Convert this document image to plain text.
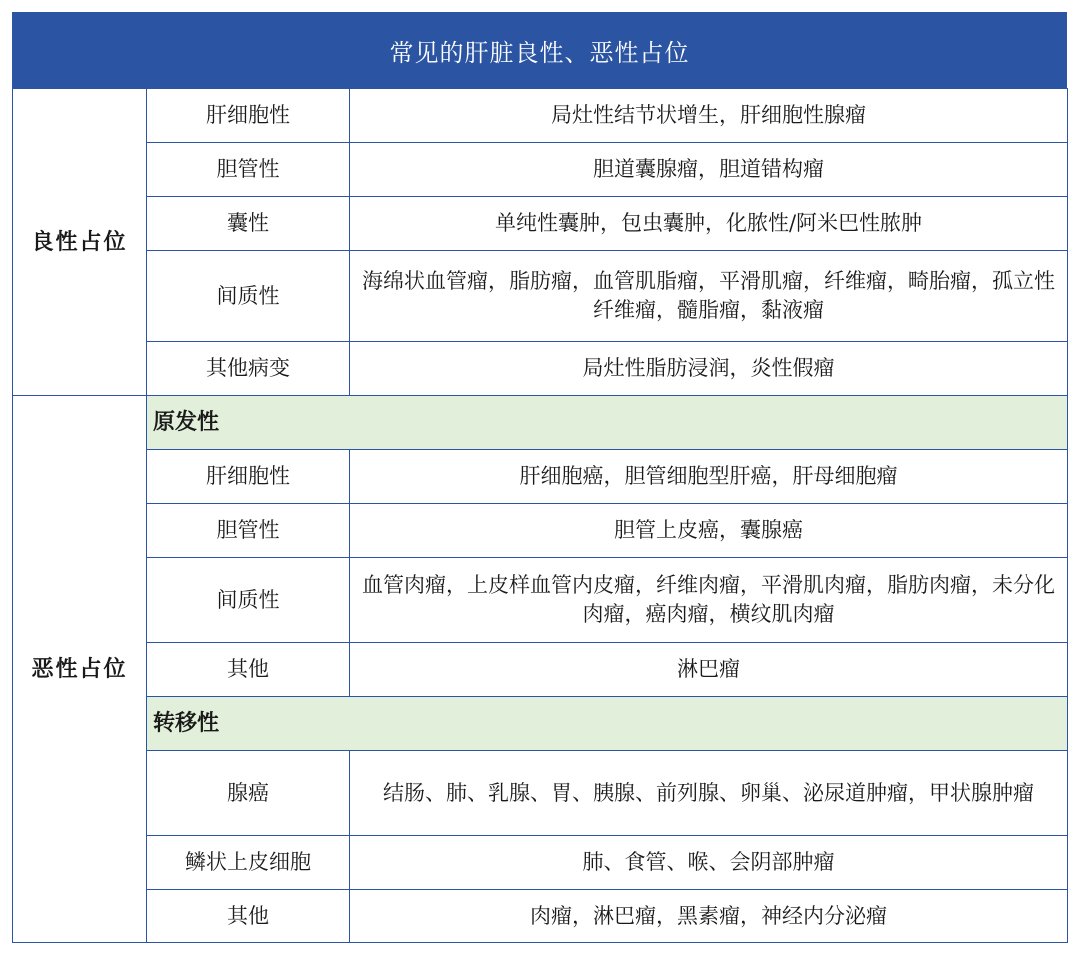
常见的肝脏良性、恶性占位
良性占位	肝细胞性	局灶性结节状增生，肝细胞性腺瘤
	胆管性	胆道囊腺瘤，胆道错构瘤
	囊性	单纯性囊肿，包虫囊肿，化脓性/阿米巴性脓肿
	间质性	海绵状血管瘤，脂肪瘤，血管肌脂瘤，平滑肌瘤，纤维瘤，畸胎瘤，孤立性纤维瘤，髓脂瘤，黏液瘤
	其他病变	局灶性脂肪浸润，炎性假瘤
恶性占位	原发性	
	肝细胞性	肝细胞癌，胆管细胞型肝癌，肝母细胞瘤
	胆管性	胆管上皮癌，囊腺癌
	间质性	血管肉瘤，上皮样血管内皮瘤，纤维肉瘤，平滑肌肉瘤，脂肪肉瘤，未分化肉瘤，癌肉瘤，横纹肌肉瘤
	其他	淋巴瘤
	转移性	
	腺癌	结肠、肺、乳腺、胃、胰腺、前列腺、卵巢、泌尿道肿瘤，甲状腺肿瘤
	鳞状上皮细胞	肺、食管、喉、会阴部肿瘤
	其他	肉瘤，淋巴瘤，黑素瘤，神经内分泌瘤
